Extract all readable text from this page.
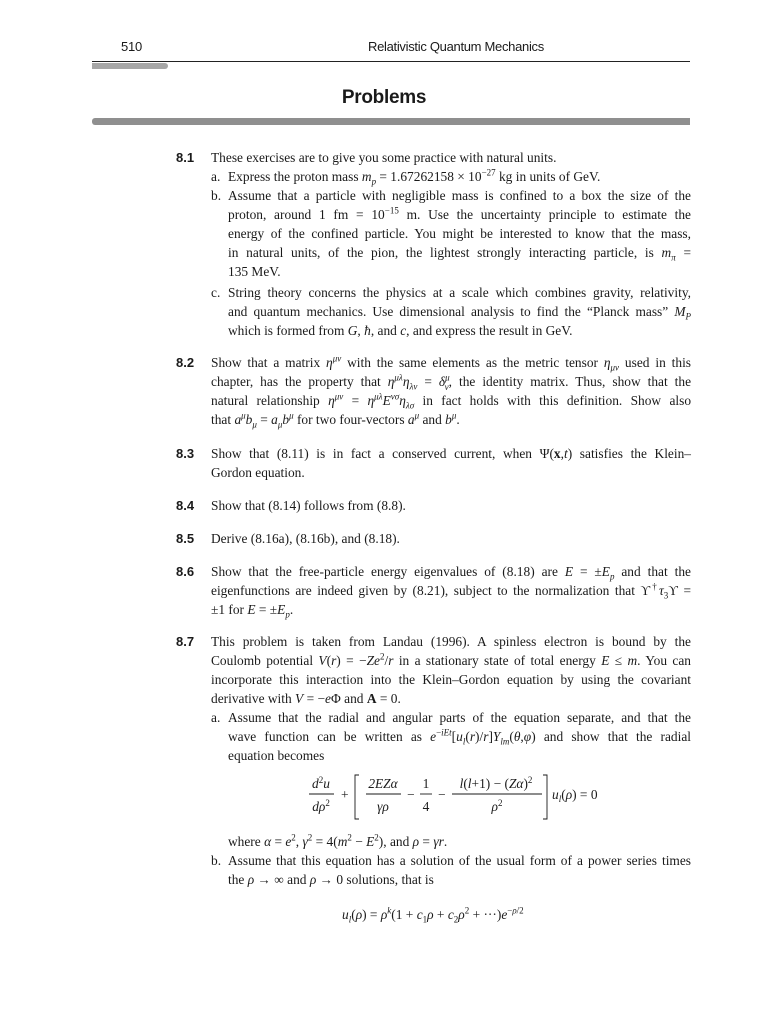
510	Relativistic Quantum Mechanics
Problems
8.1 These exercises are to give you some practice with natural units.
a. Express the proton mass $m_p = 1.67262158 \times 10^{-27}$ kg in units of GeV.
b. Assume that a particle with negligible mass is confined to a box the size of the
proton, around 1 fm = $10^{-15}$ m. Use the uncertainty principle to estimate the
energy of the confined particle. You might be interested to know that the mass,
in natural units, of the pion, the lightest strongly interacting particle, is $m_\pi$ =
135 MeV.
c. String theory concerns the physics at a scale which combines gravity, relativity,
and quantum mechanics. Use dimensional analysis to find the “Planck mass” $M_P$
which is formed from G, ħ, and c, and express the result in GeV.
8.2 Show that a matrix $\eta^{\mu\nu}$ with the same elements as the metric tensor $\eta_{\mu\nu}$ used in this
chapter, has the property that $\eta^{\mu\lambda}\eta_{\lambda\nu} = \delta^\mu_\nu$, the identity matrix. Thus, show that the
natural relationship $\eta^{\mu\nu} = \eta^{\mu\lambda}E^{\nu\sigma}\eta_{\lambda\sigma}$ in fact holds with this definition. Show also
that $a^\mu b_\mu = a_\mu b^\mu$ for two four-vectors $a^\mu$ and $b^\mu$.
8.3 Show that (8.11) is in fact a conserved current, when Ψ(x,t) satisfies the Klein–
Gordon equation.
8.4 Show that (8.14) follows from (8.8).
8.5 Derive (8.16a), (8.16b), and (8.18).
8.6 Show that the free-particle energy eigenvalues of (8.18) are $E = \pm E_p$ and that the
eigenfunctions are indeed given by (8.21), subject to the normalization that $ϒ^\dagger\tau_3ϒ$ =
±1 for $E = \pm E_p$.
8.7 This problem is taken from Landau (1996). A spinless electron is bound by the
Coulomb potential $V(r) = -Ze^2/r$ in a stationary state of total energy E ≤ m. You can
incorporate this interaction into the Klein–Gordon equation by using the covariant
derivative with V = −eΦ and A = 0.
a. Assume that the radial and angular parts of the equation separate, and that the
wave function can be written as $e^{-iEt}[u_l(r)/r]Y_{lm}(\theta,\varphi)$ and show that the radial
equation becomes
$d^2u$
$d\rho^2$
+
2EZα
γρ
−
1
4
−
$l(l+1) - (Z\alpha)^2$
$\rho^2$
$u_l(\rho) = 0$
where $\alpha = e^2$, $\gamma^2 = 4(m^2 - E^2)$, and ρ = γr.
b. Assume that this equation has a solution of the usual form of a power series times
the ρ → ∞ and ρ → 0 solutions, that is
$u_l(\rho) = \rho^k(1 + c_1\rho + c_2\rho^2 + \cdot\cdot\cdot)e^{-\rho/2}$
